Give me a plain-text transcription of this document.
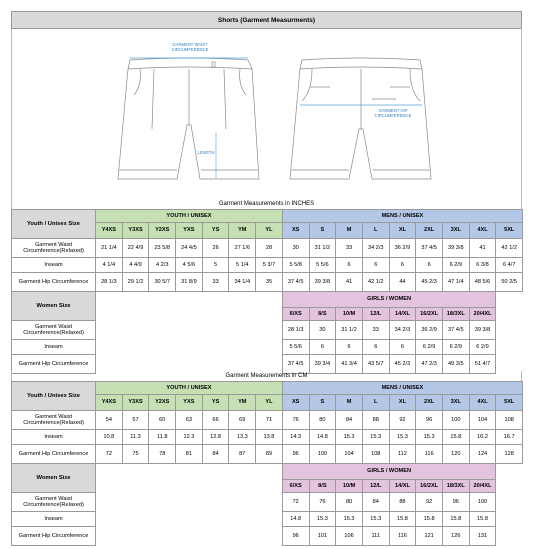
Shorts (Garment Measurments)
GARMENT WAIST
CIRCUMFERENCE
LENGTH
GARMENT HIP
CIRCUMFERENCE
Garment Measurements in INCHES
Youth / Unisex Size	YOUTH / UNISEX							MENS / UNISEX								
	Y4XS	Y3XS	Y2XS	YXS	YS	YM	YL	XS	S	M	L	XL	2XL	3XL	4XL	5XL
Garment Waist Circumference(Relaxed)	21 1/4	22 4/9	23 5/8	24 4/5	26	27 1/6	28	30	31 1/2	33	34 2/3	36 2/9	37 4/5	39 3/8	41	42 1/2
Inseam	4 1/4	4 4/9	4 2/3	4 5/6	5	5 1/4	5 3/7	5 5/8	5 5/6	6	6	6	6	6 2/9	6 3/8	6 4/7
Garment Hip Circumference	28 1/3	29 1/2	30 5/7	31 8/9	33	34 1/4	35	37 4/5	39 3/8	41	42 1/2	44	45 2/3	47 1/4	48 5/6	50 2/5
Women Size								GIRLS / WOMEN								
								6/XS	8/S	10/M	12/L	14/XL	16/2XL	18/3XL	20/4XL	
Garment Waist Circumference(Relaxed)								28 1/3	30	31 1/2	33	34 2/3	36 2/9	37 4/5	39 3/8	
Inseam								5 5/6	6	6	6	6	6 2/9	6 2/9	6 2/9	
Garment Hip Circumference								37 4/5	39 3/4	41 3/4	43 5/7	45 2/3	47 2/3	49 3/5	51 4/7	
Garment Measurements in CM
Youth / Unisex Size	YOUTH / UNISEX							MENS / UNISEX								
	Y4XS	Y3XS	Y2XS	YXS	YS	YM	YL	XS	S	M	L	XL	2XL	3XL	4XL	5XL
Garment Waist Circumference(Relaxed)	54	57	60	63	66	69	71	76	80	84	88	92	96	100	104	108
Inseam	10.8	11.3	11.8	12.3	12.8	13.3	13.8	14.3	14.8	15.3	15.3	15.3	15.3	15.8	16.2	16.7
Garment Hip Circumference	72	75	78	81	84	87	89	96	100	104	108	112	116	120	124	128
Women Size								GIRLS / WOMEN								
								6/XS	8/S	10/M	12/L	14/XL	16/2XL	18/3XL	20/4XL	
Garment Waist Circumference(Relaxed)								72	76	80	84	88	92	96	100	
Inseam								14.8	15.3	15.3	15.3	15.8	15.8	15.8	15.8	
Garment Hip Circumference								96	101	106	111	116	121	126	131	
